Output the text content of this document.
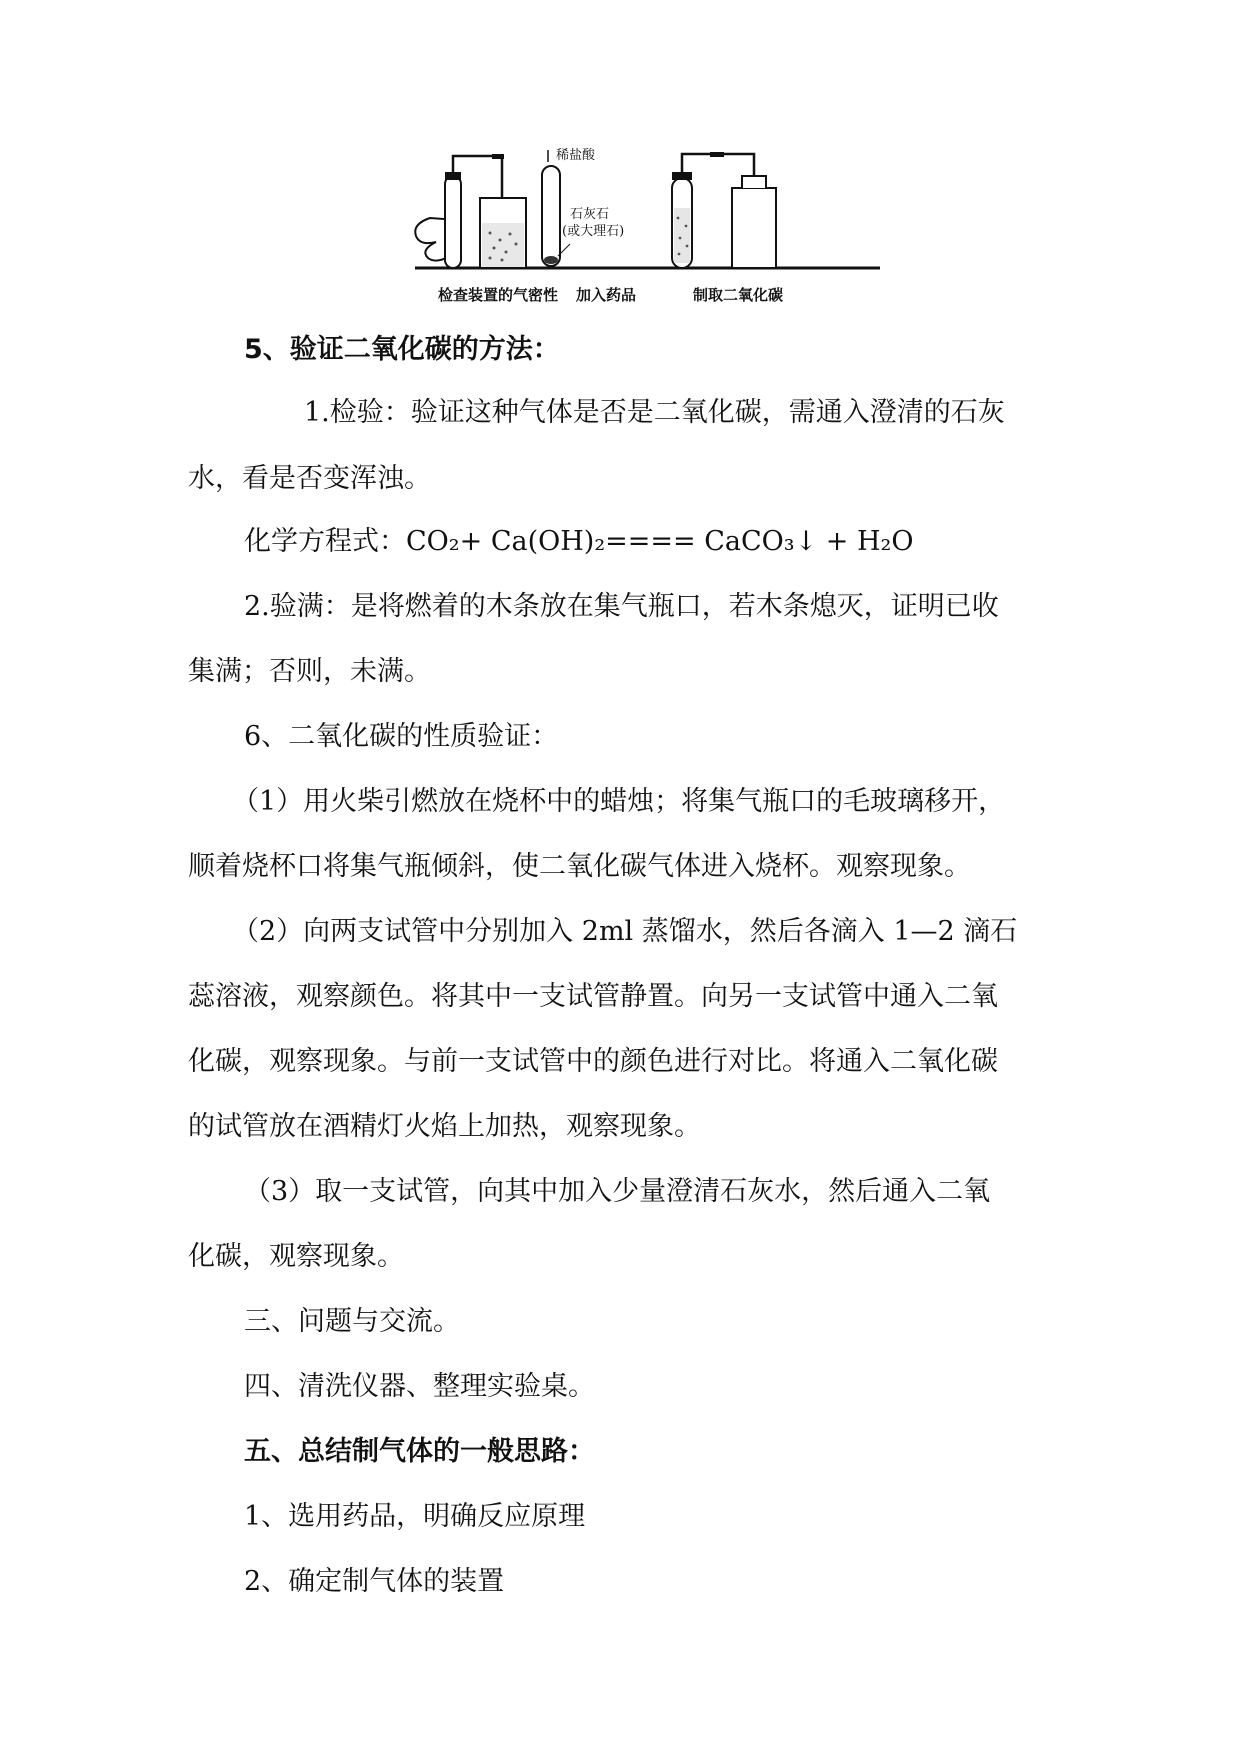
稀盐酸
石灰石
(或大理石)
检查装置的气密性 加入药品	制取二氧化碳
5、验证二氧化碳的方法：
1.检验：验证这种气体是否是二氧化碳，需通入澄清的石灰
水，看是否变浑浊。
化学方程式：CO₂+ Ca(OH)₂==== CaCO₃↓ + H₂O
2.验满：是将燃着的木条放在集气瓶口，若木条熄灭，证明已收
集满；否则，未满。
6、二氧化碳的性质验证：
（1）用火柴引燃放在烧杯中的蜡烛；将集气瓶口的毛玻璃移开，
顺着烧杯口将集气瓶倾斜，使二氧化碳气体进入烧杯。观察现象。
（2）向两支试管中分别加入 2ml 蒸馏水，然后各滴入 1—2 滴石
蕊溶液，观察颜色。将其中一支试管静置。向另一支试管中通入二氧
化碳，观察现象。与前一支试管中的颜色进行对比。将通入二氧化碳
的试管放在酒精灯火焰上加热，观察现象。
（3）取一支试管，向其中加入少量澄清石灰水，然后通入二氧
化碳，观察现象。
三、问题与交流。
四、清洗仪器、整理实验桌。
五、总结制气体的一般思路：
1、选用药品，明确反应原理
2、确定制气体的装置
